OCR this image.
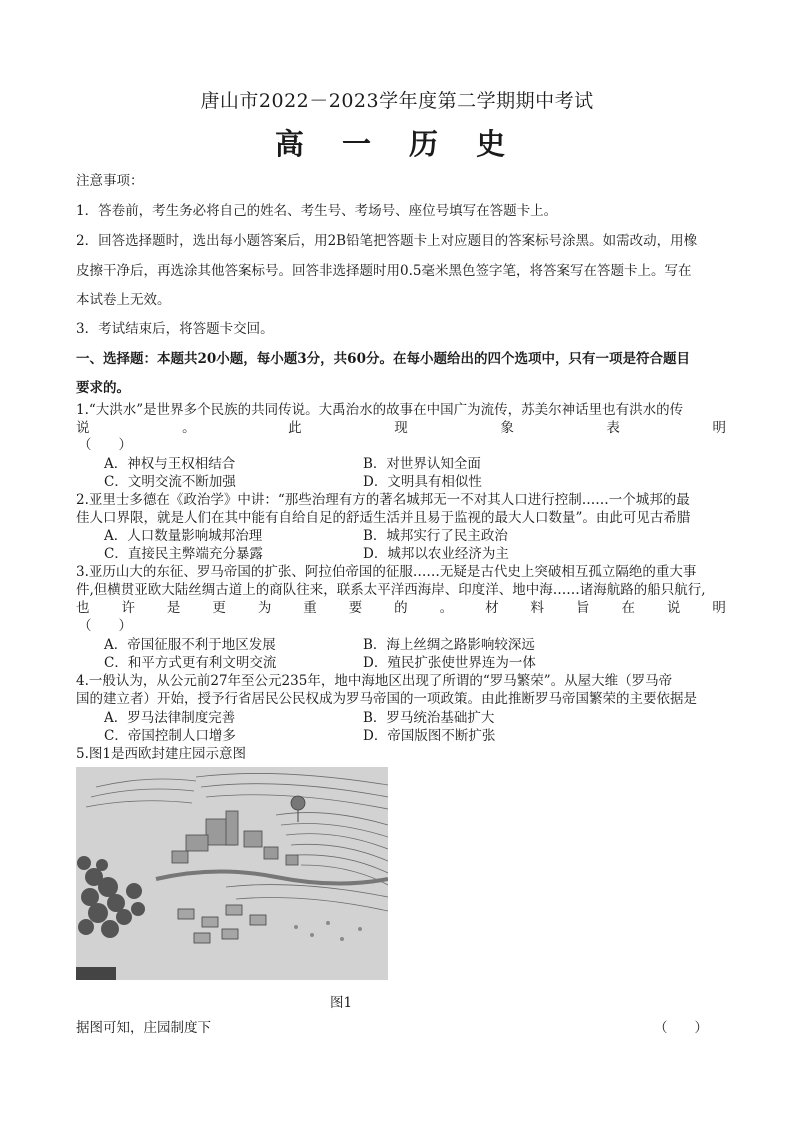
唐山市2022－2023学年度第二学期期中考试
高 一 历 史
注意事项：
1．答卷前，考生务必将自己的姓名、考生号、考场号、座位号填写在答题卡上。
2．回答选择题时，选出每小题答案后，用2B铅笔把答题卡上对应题目的答案标号涂黑。如需改动，用橡
皮擦干净后，再选涂其他答案标号。回答非选择题时用0.5毫米黑色签字笔，将答案写在答题卡上。写在
本试卷上无效。
3．考试结束后，将答题卡交回。
一、选择题：本题共20小题，每小题3分，共60分。在每小题给出的四个选项中，只有一项是符合题目
要求的。
1.“大洪水”是世界多个民族的共同传说。大禹治水的故事在中国广为流传，苏美尔神话里也有洪水的传
说	。	此	现	象	表	明
（　　）
A．神权与王权相结合	B．对世界认知全面
C．文明交流不断加强	D．文明具有相似性
2.亚里士多德在《政治学》中讲：“那些治理有方的著名城邦无一不对其人口进行控制……一个城邦的最
佳人口界限，就是人们在其中能有自给自足的舒适生活并且易于监视的最大人口数量”。由此可见古希腊
A．人口数量影响城邦治理	B．城邦实行了民主政治
C．直接民主弊端充分暴露	D．城邦以农业经济为主
3.亚历山大的东征、罗马帝国的扩张、阿拉伯帝国的征服……无疑是古代史上突破相互孤立隔绝的重大事
件,但横贯亚欧大陆丝绸古道上的商队往来，联系太平洋西海岸、印度洋、地中海……诸海航路的船只航行,
也 许 是 更 为 重 要 的 。 材 料 旨 在 说 明
（　　）
A．帝国征服不利于地区发展	B．海上丝绸之路影响较深远
C．和平方式更有利文明交流	D．殖民扩张使世界连为一体
4.一般认为，从公元前27年至公元235年，地中海地区出现了所谓的“罗马繁荣”。从屋大维（罗马帝
国的建立者）开始，授予行省居民公民权成为罗马帝国的一项政策。由此推断罗马帝国繁荣的主要依据是
A．罗马法律制度完善	B．罗马统治基础扩大
C．帝国控制人口增多	D．帝国版图不断扩张
5.图1是西欧封建庄园示意图
图1
据图可知，庄园制度下	（　　）
